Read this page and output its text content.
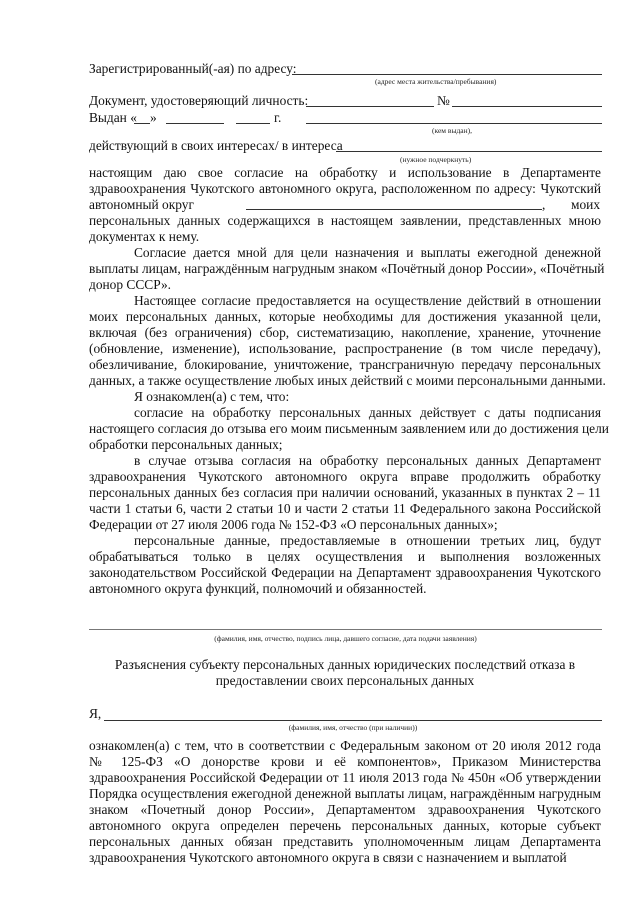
Зарегистрированный(-ая) по адресу:
(адрес места жительства/пребывания)
Документ, удостоверяющий личность:	№
Выдан « »	г.
(кем выдан),
действующий в своих интересах/ в интереса
(нужное подчеркнуть)
настоящим даю свое согласие на обработку и использование в Департаменте
здравоохранения Чукотского автономного округа, расположенном по адресу: Чукотский
автономный округ	, моих
персональных данных содержащихся в настоящем заявлении, представленных мною
документах к нему.
Согласие дается мной для цели назначения и выплаты ежегодной денежной
выплаты лицам, награждённым нагрудным знаком «Почётный донор России», «Почётный
донор СССР».
Настоящее согласие предоставляется на осуществление действий в отношении
моих персональных данных, которые необходимы для достижения указанной цели,
включая (без ограничения) сбор, систематизацию, накопление, хранение, уточнение
(обновление, изменение), использование, распространение (в том числе передачу),
обезличивание, блокирование, уничтожение, трансграничную передачу персональных
данных, а также осуществление любых иных действий с моими персональными данными.
Я ознакомлен(а) с тем, что:
согласие на обработку персональных данных действует с даты подписания
настоящего согласия до отзыва его моим письменным заявлением или до достижения цели
обработки персональных данных;
в случае отзыва согласия на обработку персональных данных Департамент
здравоохранения Чукотского автономного округа вправе продолжить обработку
персональных данных без согласия при наличии оснований, указанных в пунктах 2 – 11
части 1 статьи 6, части 2 статьи 10 и части 2 статьи 11 Федерального закона Российской
Федерации от 27 июля 2006 года № 152-ФЗ «О персональных данных»;
персональные данные, предоставляемые в отношении третьих лиц, будут
обрабатываться только в целях осуществления и выполнения возложенных
законодательством Российской Федерации на Департамент здравоохранения Чукотского
автономного округа функций, полномочий и обязанностей.
(фамилия, имя, отчество, подпись лица, давшего согласие, дата подачи заявления)
Разъяснения субъекту персональных данных юридических последствий отказа в
предоставлении своих персональных данных
Я,
(фамилия, имя, отчество (при наличии))
ознакомлен(а) с тем, что в соответствии с Федеральным законом от 20 июля 2012 года
№ 125-ФЗ «О донорстве крови и её компонентов», Приказом Министерства
здравоохранения Российской Федерации от 11 июля 2013 года № 450н «Об утверждении
Порядка осуществления ежегодной денежной выплаты лицам, награждённым нагрудным
знаком «Почетный донор России», Департаментом здравоохранения Чукотского
автономного округа определен перечень персональных данных, которые субъект
персональных данных обязан представить уполномоченным лицам Департамента
здравоохранения Чукотского автономного округа в связи с назначением и выплатой
